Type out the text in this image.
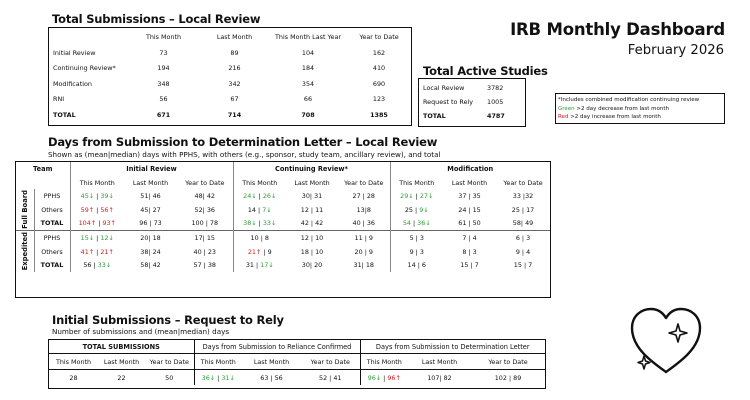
IRB Monthly Dashboard
February 2026
Total Submissions – Local Review
	This Month	Last Month	This Month Last Year	Year to Date
Initial Review	73	89	104	162
Continuing Review*	194	216	184	410
Modification	348	342	354	690
RNI	56	67	66	123
TOTAL	671	714	708	1385
Total Active Studies
Local Review	3782
Request to Rely	1005
TOTAL	4787
*Includes combined modification continuing review
Green >2 day decrease from last month
Red >2 day increase from last month
Days from Submission to Determination Letter – Local Review
Shown as (mean|median) days with PPHS, with others (e.g., sponsor, study team, ancillary review), and total
Team		Initial Review			Continuing Review*			Modification		
		This Month	Last Month	Year to Date	This Month	Last Month	Year to Date	This Month	Last Month	Year to Date

Full Board	PPHS	45↓ | 39↓	51| 46	48| 42	24↓ | 26↓	30| 31	27 | 28	29↓ | 27↓	37 | 35	33 |32
	Others	59↑ | 56↑	45| 27	52| 36	14 | 7↓	12 | 11	13|8	25 | 9↓	24 | 15	25 | 17
	TOTAL	104↑ | 93↑	96 | 73	100 | 78	38↓ | 33↓	42 | 42	40 | 36	54 | 36↓	61 | 50	58| 49

Expedited	PPHS	15↓ | 12↓	20| 18	17| 15	10 | 8	12 | 10	11 | 9	5 | 3	7 | 4	6 | 3
	Others	41↑ | 21↑	38| 24	40 | 23	21↑ | 9	18 | 10	20 | 9	9 | 3	8 | 3	9 | 4
	TOTAL	56 | 33↓	58| 42	57 | 38	31 | 17↓	30| 20	31| 18	14 | 6	15 | 7	15 | 7
Initial Submissions – Request to Rely
Number of submissions and (mean|median) days
TOTAL SUBMISSIONS			Days from Submission to Reliance Confirmed			Days from Submission to Determination Letter		
This Month	Last Month	Year to Date	This Month	Last Month	Year to Date	This Month	Last Month	Year to Date
28	22	50	36↓ | 31↓	63 | 56	52 | 41	96↓ | 96↑	107| 82	102 | 89
